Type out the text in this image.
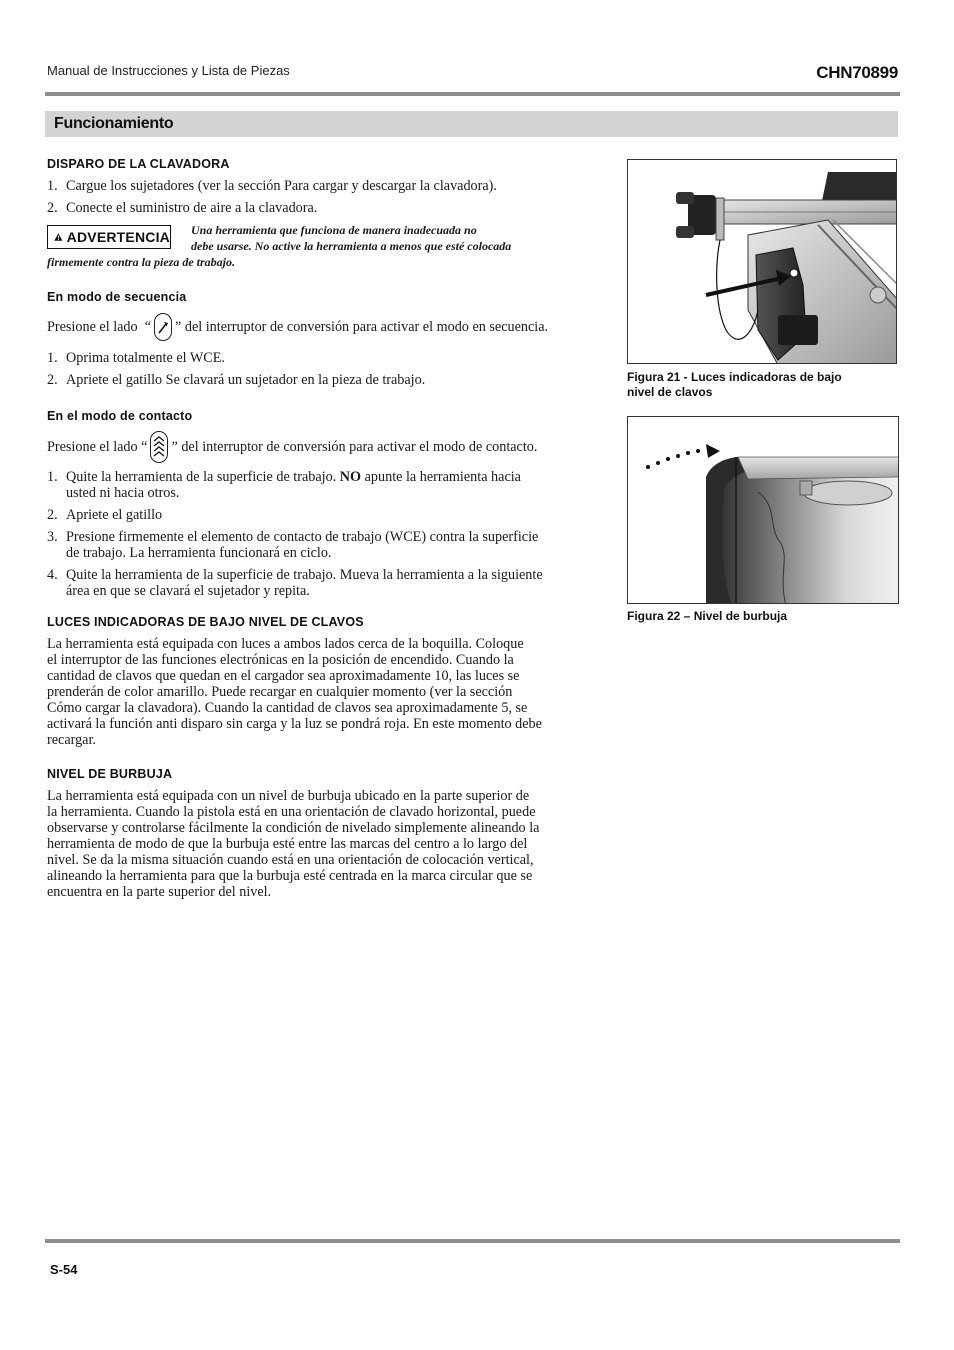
Manual de Instrucciones y Lista de Piezas	CHN70899
Funcionamiento
DISPARO DE LA CLAVADORA
1. Cargue los sujetadores (ver la sección Para cargar y descargar la clavadora).
2. Conecte el suministro de aire a la clavadora.
ADVERTENCIA Una herramienta que funciona de manera inadecuada no
debe usarse. No active la herramienta a menos que esté colocada
firmemente contra la pieza de trabajo.
En modo de secuencia
Presione el lado  “ ” del interruptor de conversión para activar el modo en secuencia.
1. Oprima totalmente el WCE.
2. Apriete el gatillo Se clavará un sujetador en la pieza de trabajo.
En el modo de contacto
Presione el lado “ ” del interruptor de conversión para activar el modo de contacto.
1. Quite la herramienta de la superficie de trabajo. NO apunte la herramienta hacia
usted ni hacia otros.
2. Apriete el gatillo
3. Presione firmemente el elemento de contacto de trabajo (WCE) contra la superficie
de trabajo. La herramienta funcionará en ciclo.
4. Quite la herramienta de la superficie de trabajo. Mueva la herramienta a la siguiente
área en que se clavará el sujetador y repita.
LUCES INDICADORAS DE BAJO NIVEL DE CLAVOS
La herramienta está equipada con luces a ambos lados cerca de la boquilla. Coloque
el interruptor de las funciones electrónicas en la posición de encendido. Cuando la
cantidad de clavos que quedan en el cargador sea aproximadamente 10, las luces se
prenderán de color amarillo. Puede recargar en cualquier momento (ver la sección
Cómo cargar la clavadora). Cuando la cantidad de clavos sea aproximadamente 5, se
activará la función anti disparo sin carga y la luz se pondrá roja. En este momento debe
recargar.
NIVEL DE BURBUJA
La herramienta está equipada con un nivel de burbuja ubicado en la parte superior de
la herramienta. Cuando la pistola está en una orientación de clavado horizontal, puede
observarse y controlarse fácilmente la condición de nivelado simplemente alineando la
herramienta de modo de que la burbuja esté entre las marcas del centro a lo largo del
nivel. Se da la misma situación cuando está en una orientación de colocación vertical,
alineando la herramienta para que la burbuja esté centrada en la marca circular que se
encuentra en la parte superior del nivel.
Figura 21 - Luces indicadoras de bajo
nivel de clavos
Figura 22 – Nivel de burbuja
S-54
